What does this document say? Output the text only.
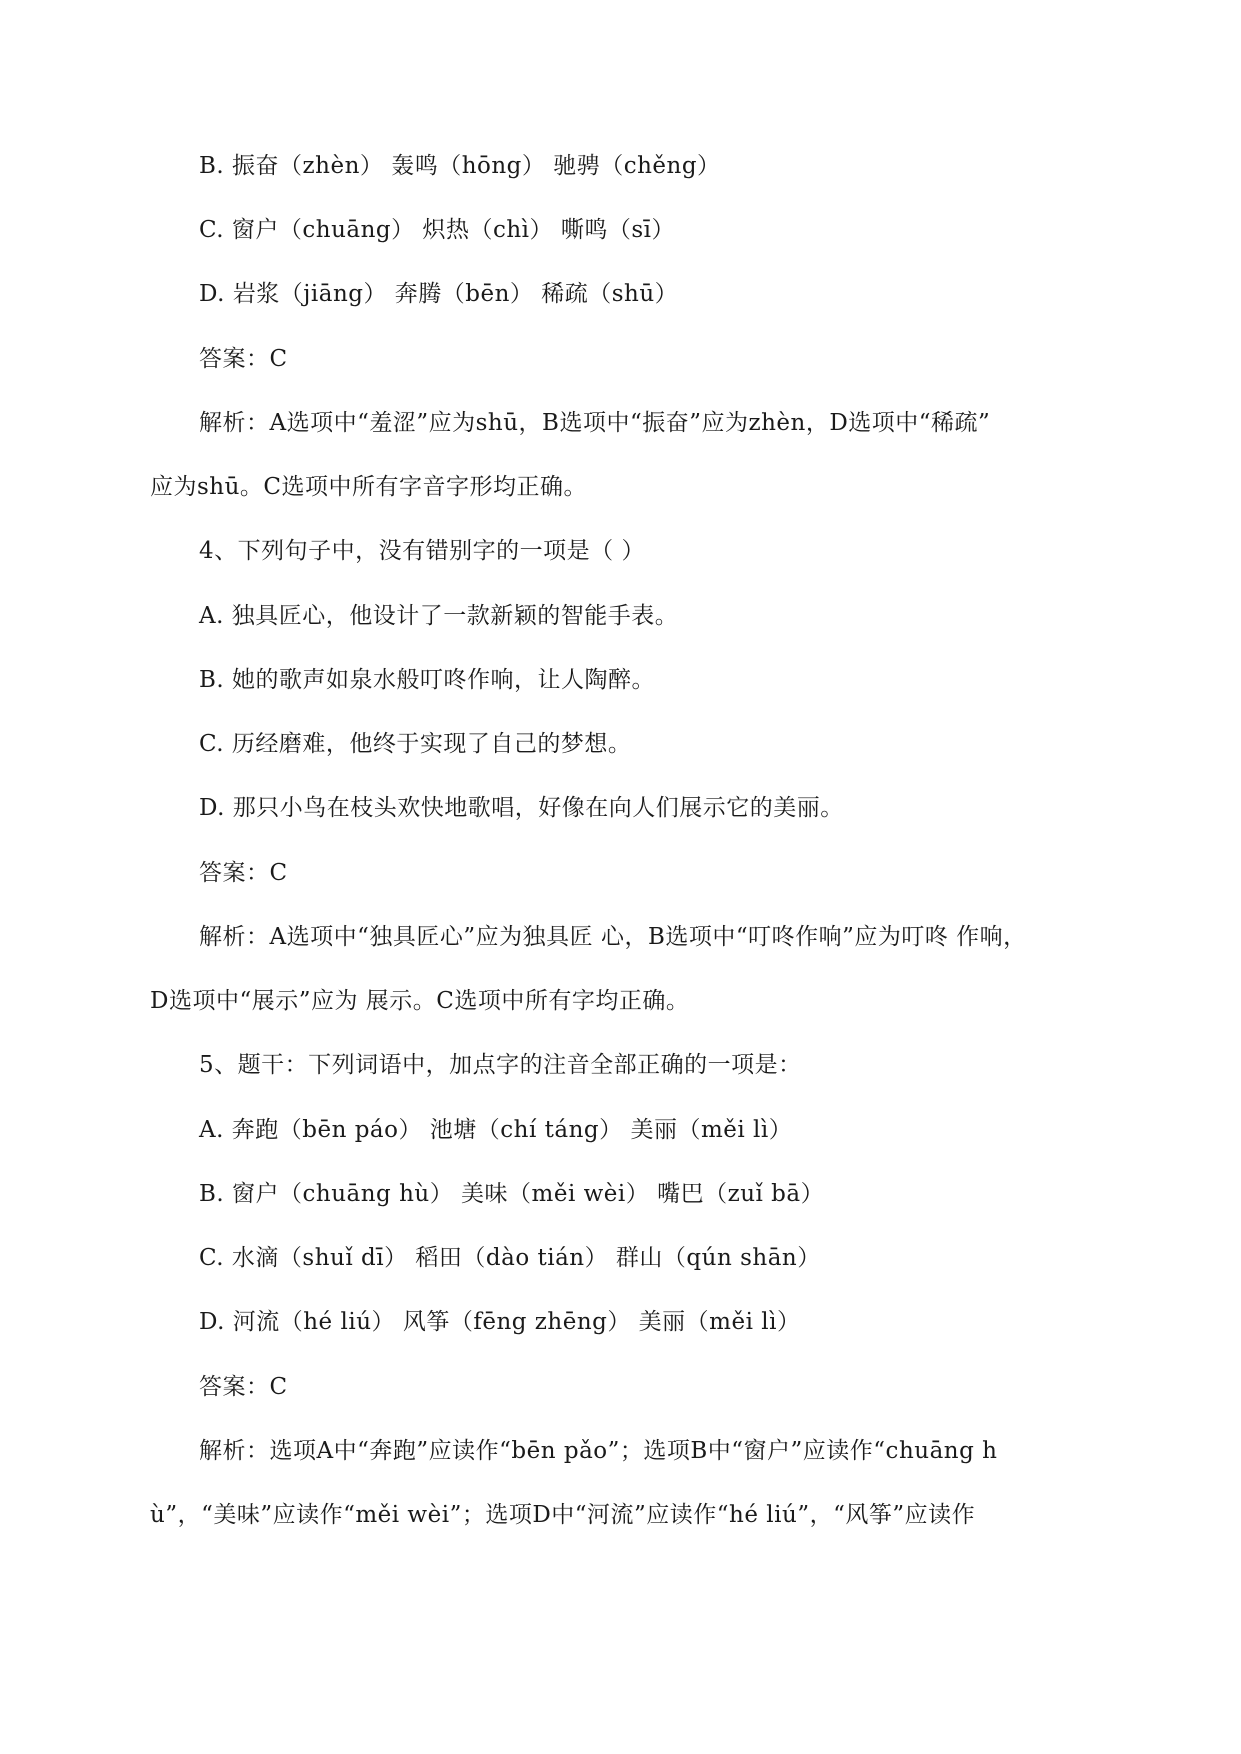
B. 振奋（zhèn） 轰鸣（hōng） 驰骋（chěng）
C. 窗户（chuāng） 炽热（chì） 嘶鸣（sī）
D. 岩浆（jiāng） 奔腾（bēn） 稀疏（shū）
答案：C
解析：A选项中“羞涩”应为shū，B选项中“振奋”应为zhèn，D选项中“稀疏”
应为shū。C选项中所有字音字形均正确。
4、下列句子中，没有错别字的一项是（ ）
A. 独具匠心，他设计了一款新颖的智能手表。
B. 她的歌声如泉水般叮咚作响，让人陶醉。
C. 历经磨难，他终于实现了自己的梦想。
D. 那只小鸟在枝头欢快地歌唱，好像在向人们展示它的美丽。
答案：C
解析：A选项中“独具匠心”应为独具匠 心，B选项中“叮咚作响”应为叮咚 作响，
D选项中“展示”应为 展示。C选项中所有字均正确。
5、题干：下列词语中，加点字的注音全部正确的一项是：
A. 奔跑（bēn páo） 池塘（chí táng） 美丽（měi lì）
B. 窗户（chuāng hù） 美味（měi wèi） 嘴巴（zuǐ bā）
C. 水滴（shuǐ dī） 稻田（dào tián） 群山（qún shān）
D. 河流（hé liú） 风筝（fēng zhēng） 美丽（měi lì）
答案：C
解析：选项A中“奔跑”应读作“bēn pǎo”；选项B中“窗户”应读作“chuāng h
ù”，“美味”应读作“měi wèi”；选项D中“河流”应读作“hé liú”，“风筝”应读作
